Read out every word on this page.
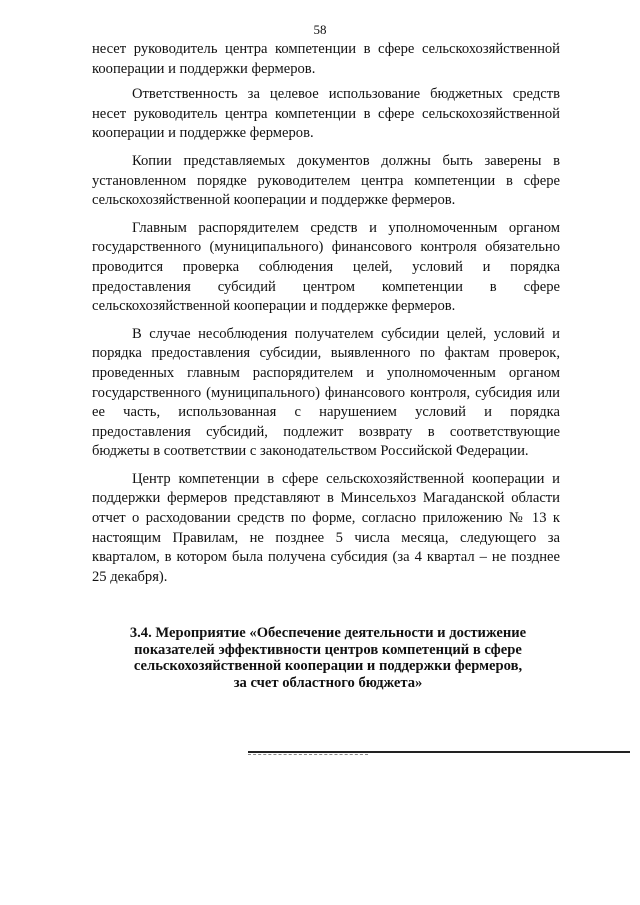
58

несет руководитель центра компетенции в сфере сельскохозяйственной кооперации и поддержки фермеров.

Ответственность за целевое использование бюджетных средств несет руководитель центра компетенции в сфере сельскохозяйственной кооперации и поддержке фермеров.

Копии представляемых документов должны быть заверены в установленном порядке руководителем центра компетенции в сфере сельскохозяйственной кооперации и поддержке фермеров.

Главным распорядителем средств и уполномоченным органом государственного (муниципального) финансового контроля обязательно проводится проверка соблюдения целей, условий и порядка предоставления субсидий центром компетенции в сфере сельскохозяйственной кооперации и поддержке фермеров.

В случае несоблюдения получателем субсидии целей, условий и порядка предоставления субсидии, выявленного по фактам проверок, проведенных главным распорядителем и уполномоченным органом государственного (муниципального) финансового контроля, субсидия или ее часть, использованная с нарушением условий и порядка предоставления субсидий, подлежит возврату в соответствующие бюджеты в соответствии с законодательством Российской Федерации.

Центр компетенции в сфере сельскохозяйственной кооперации и поддержки фермеров представляют в Минсельхоз Магаданской области отчет о расходовании средств по форме, согласно приложению № 13 к настоящим Правилам, не позднее 5 числа месяца, следующего за кварталом, в котором была получена субсидия (за 4 квартал – не позднее 25 декабря).

3.4. Мероприятие «Обеспечение деятельности и достижение
показателей эффективности центров компетенций в сфере
сельскохозяйственной кооперации и поддержки фермеров,
за счет областного бюджета»
